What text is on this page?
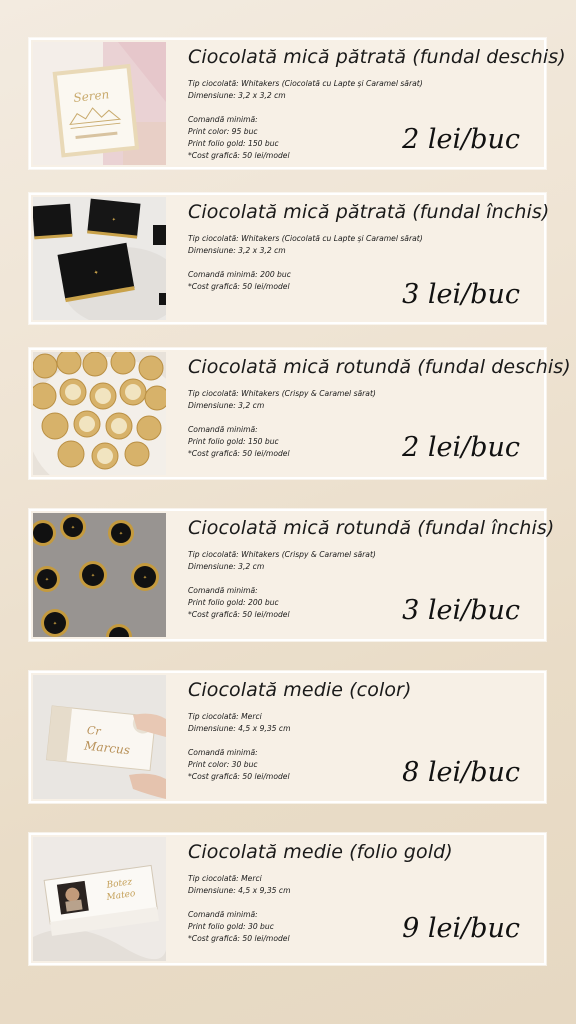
Seren
Ciocolată mică pătrată (fundal deschis)
Tip ciocolată: Whitakers (Ciocolată cu Lapte și Caramel sărat)
Dimensiune: 3,2 x 3,2 cm
Comandă minimă:
Print color: 95 buc
Print folio gold: 150 buc
*Cost grafică: 50 lei/model
2 lei/buc
✦
✦
Ciocolată mică pătrată (fundal închis)
Tip ciocolată: Whitakers (Ciocolată cu Lapte și Caramel sărat)
Dimensiune: 3,2 x 3,2 cm
Comandă minimă: 200 buc
*Cost grafică: 50 lei/model	3 lei/buc
Ciocolată mică rotundă (fundal deschis)
Tip ciocolată: Whitakers (Crispy & Caramel sărat)
Dimensiune: 3,2 cm
Comandă minimă:
Print folio gold: 150 buc
*Cost grafică: 50 lei/model	2 lei/buc
✦
✦
✦	✦
✦
✦
Ciocolată mică rotundă (fundal închis)
Tip ciocolată: Whitakers (Crispy & Caramel sărat)
Dimensiune: 3,2 cm
Comandă minimă:
Print folio gold: 200 buc
*Cost grafică: 50 lei/model	3 lei/buc
Cr
Marcus
Ciocolată medie (color)
Tip ciocolată: Merci
Dimensiune: 4,5 x 9,35 cm
Comandă minimă:
Print color: 30 buc
*Cost grafică: 50 lei/model	8 lei/buc
Botez
Mateo
Ciocolată medie (folio gold)
Tip ciocolată: Merci
Dimensiune: 4,5 x 9,35 cm
Comandă minimă:
Print folio gold: 30 buc
*Cost grafică: 50 lei/model	9 lei/buc
